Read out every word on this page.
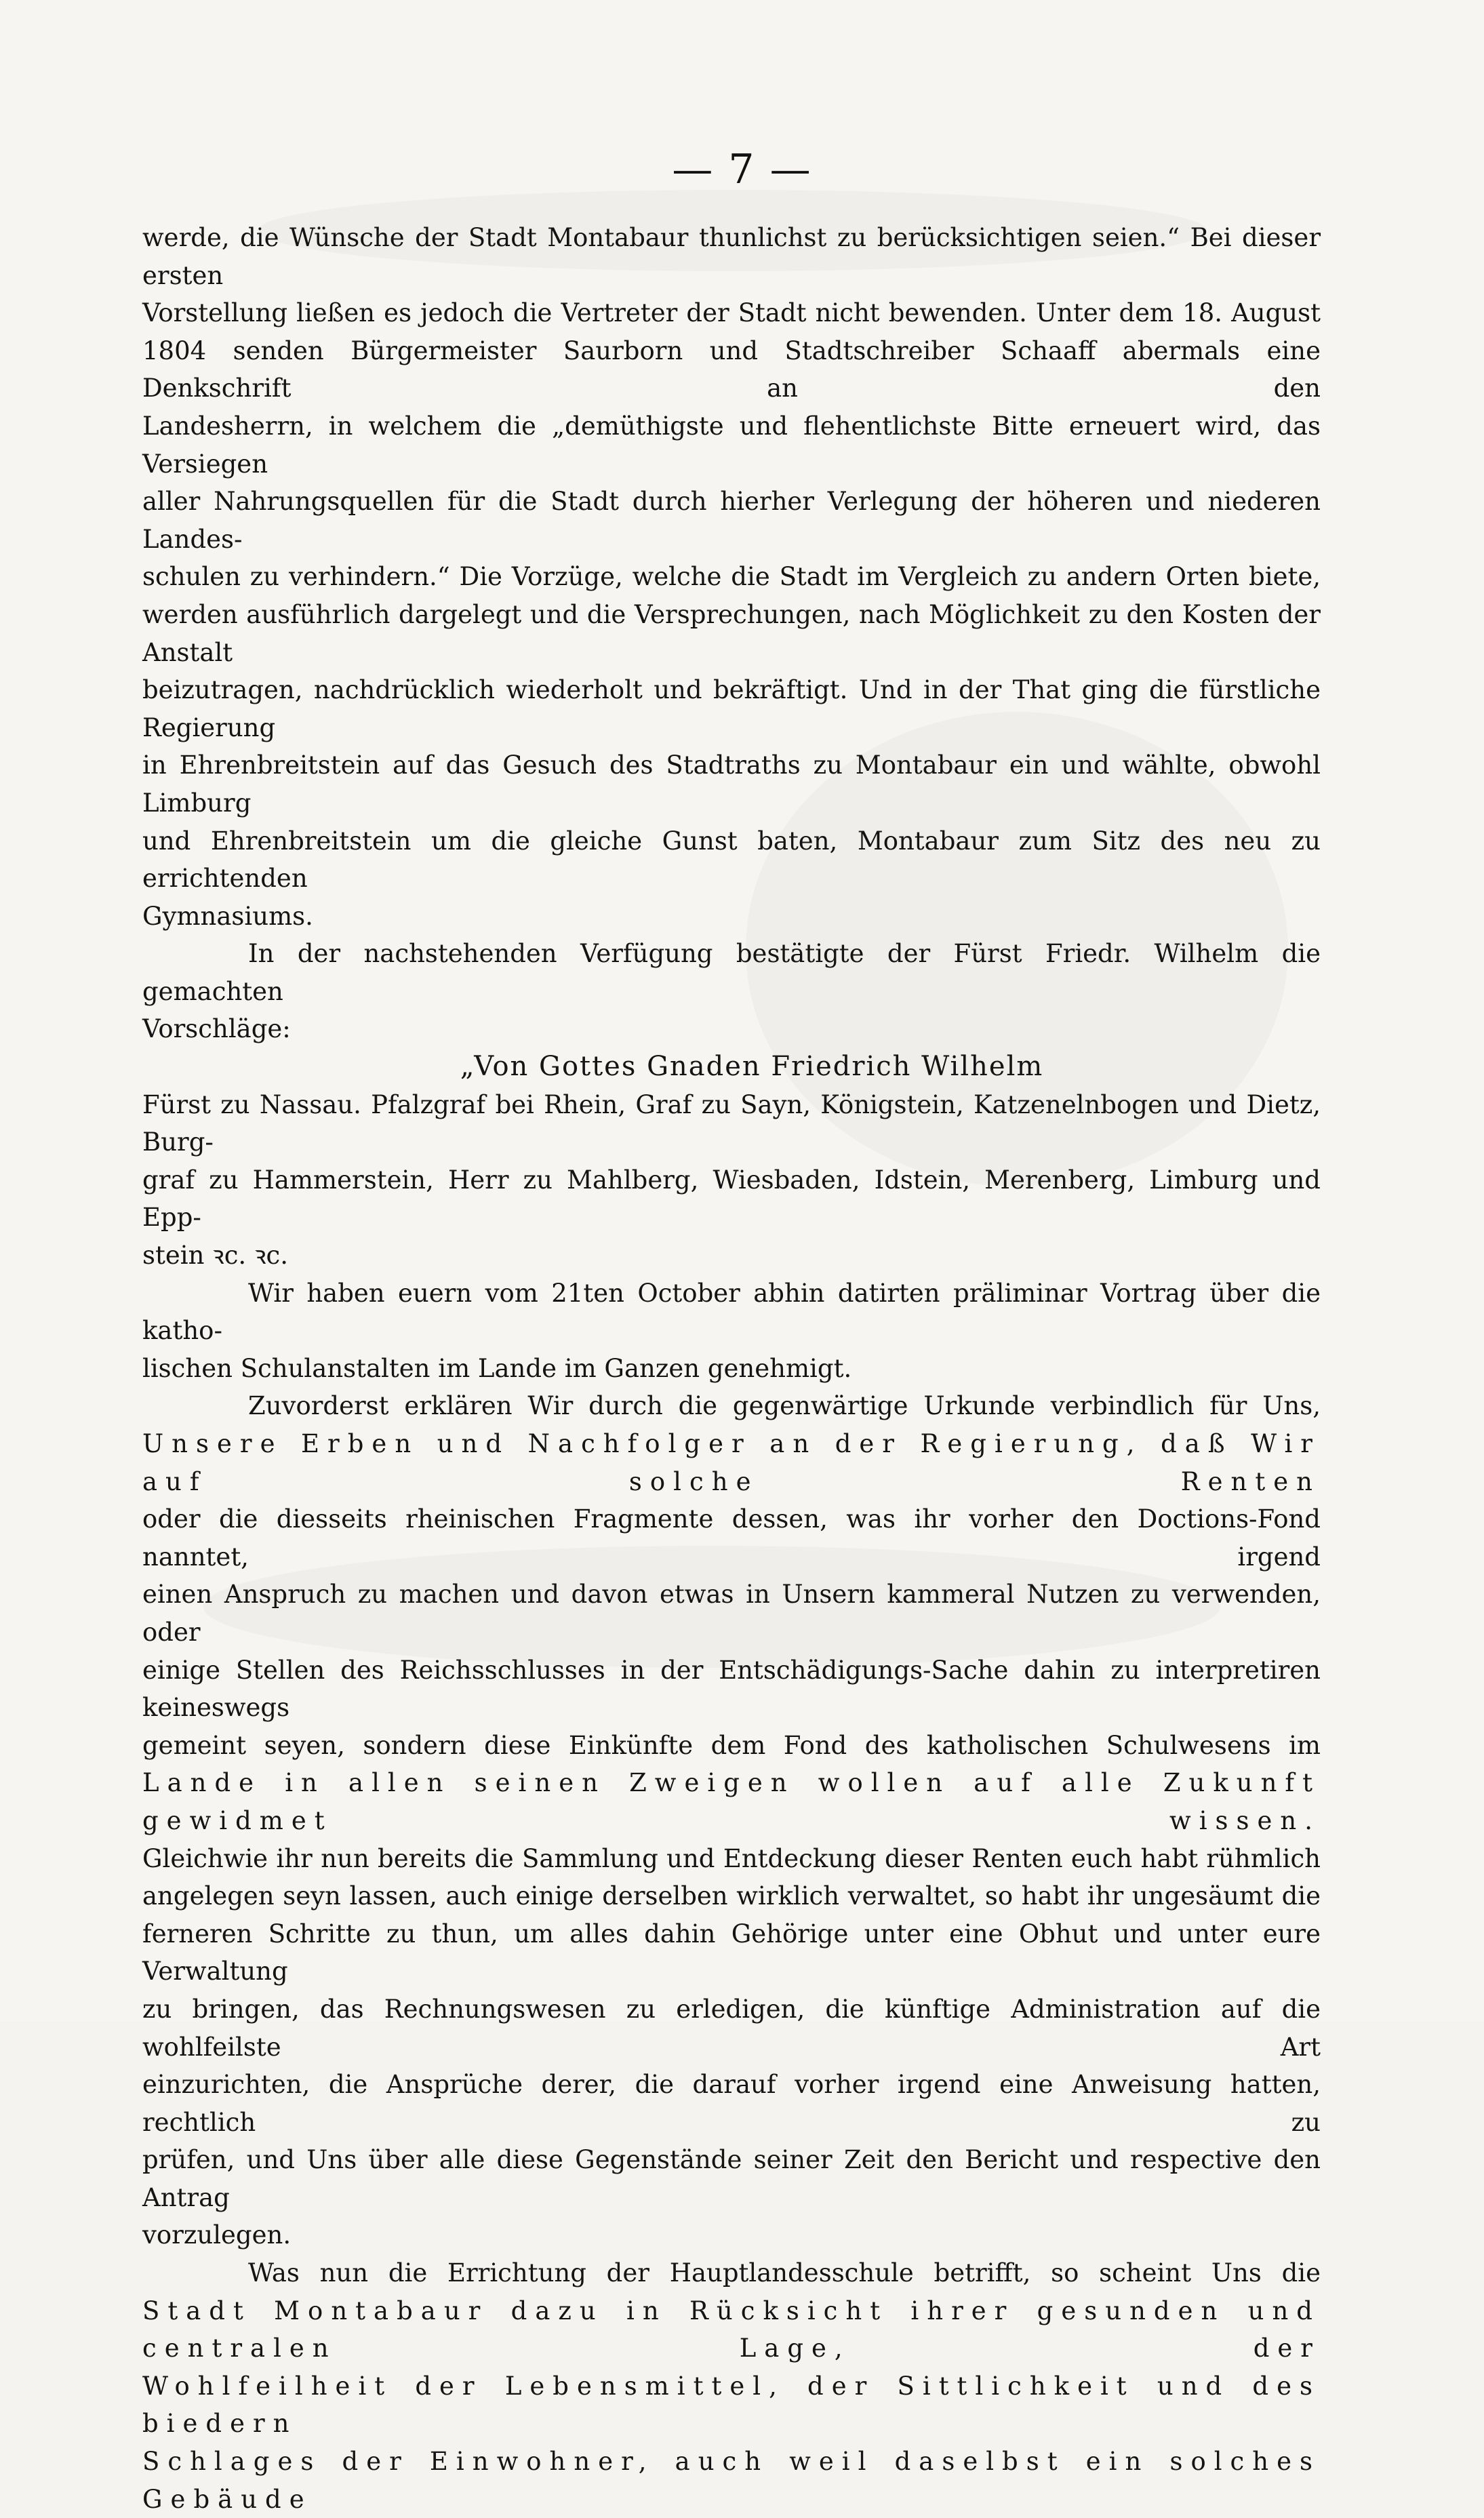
— 7 —

werde, die Wünsche der Stadt Montabaur thunlichst zu berücksichtigen seien.“ Bei dieser ersten

Vorstellung ließen es jedoch die Vertreter der Stadt nicht bewenden. Unter dem 18. August

1804 senden Bürgermeister Saurborn und Stadtschreiber Schaaff abermals eine Denkschrift an den

Landesherrn, in welchem die „demüthigste und flehentlichste Bitte erneuert wird, das Versiegen

aller Nahrungsquellen für die Stadt durch hierher Verlegung der höheren und niederen Landes-

schulen zu verhindern.“ Die Vorzüge, welche die Stadt im Vergleich zu andern Orten biete,

werden ausführlich dargelegt und die Versprechungen, nach Möglichkeit zu den Kosten der Anstalt

beizutragen, nachdrücklich wiederholt und bekräftigt. Und in der That ging die fürstliche Regierung

in Ehrenbreitstein auf das Gesuch des Stadtraths zu Montabaur ein und wählte, obwohl Limburg

und Ehrenbreitstein um die gleiche Gunst baten, Montabaur zum Sitz des neu zu errichtenden

Gymnasiums.

In der nachstehenden Verfügung bestätigte der Fürst Friedr. Wilhelm die gemachten

Vorschläge:

„Von Gottes Gnaden Friedrich Wilhelm

Fürst zu Nassau. Pfalzgraf bei Rhein, Graf zu Sayn, Königstein, Katzenelnbogen und Dietz, Burg-

graf zu Hammerstein, Herr zu Mahlberg, Wiesbaden, Idstein, Merenberg, Limburg und Epp-

stein ꝛc. ꝛc.

Wir haben euern vom 21ten October abhin datirten präliminar Vortrag über die katho-

lischen Schulanstalten im Lande im Ganzen genehmigt.

Zuvorderst erklären Wir durch die gegenwärtige Urkunde verbindlich für Uns,

Unsere Erben und Nachfolger an der Regierung, daß Wir auf solche Renten

oder die diesseits rheinischen Fragmente dessen, was ihr vorher den Doctions-Fond nanntet, irgend

einen Anspruch zu machen und davon etwas in Unsern kammeral Nutzen zu verwenden, oder

einige Stellen des Reichsschlusses in der Entschädigungs-Sache dahin zu interpretiren keineswegs

gemeint seyen, sondern diese Einkünfte dem Fond des katholischen Schulwesens im

Lande in allen seinen Zweigen wollen auf alle Zukunft gewidmet wissen.

Gleichwie ihr nun bereits die Sammlung und Entdeckung dieser Renten euch habt rühmlich

angelegen seyn lassen, auch einige derselben wirklich verwaltet, so habt ihr ungesäumt die

ferneren Schritte zu thun, um alles dahin Gehörige unter eine Obhut und unter eure Verwaltung

zu bringen, das Rechnungswesen zu erledigen, die künftige Administration auf die wohlfeilste Art

einzurichten, die Ansprüche derer, die darauf vorher irgend eine Anweisung hatten, rechtlich zu

prüfen, und Uns über alle diese Gegenstände seiner Zeit den Bericht und respective den Antrag

vorzulegen.

Was nun die Errichtung der Hauptlandesschule betrifft, so scheint Uns die

Stadt Montabaur dazu in Rücksicht ihrer gesunden und centralen Lage, der

Wohlfeilheit der Lebensmittel, der Sittlichkeit und des biedern

Schlages der Einwohner, auch weil daselbst ein solches Gebäude
